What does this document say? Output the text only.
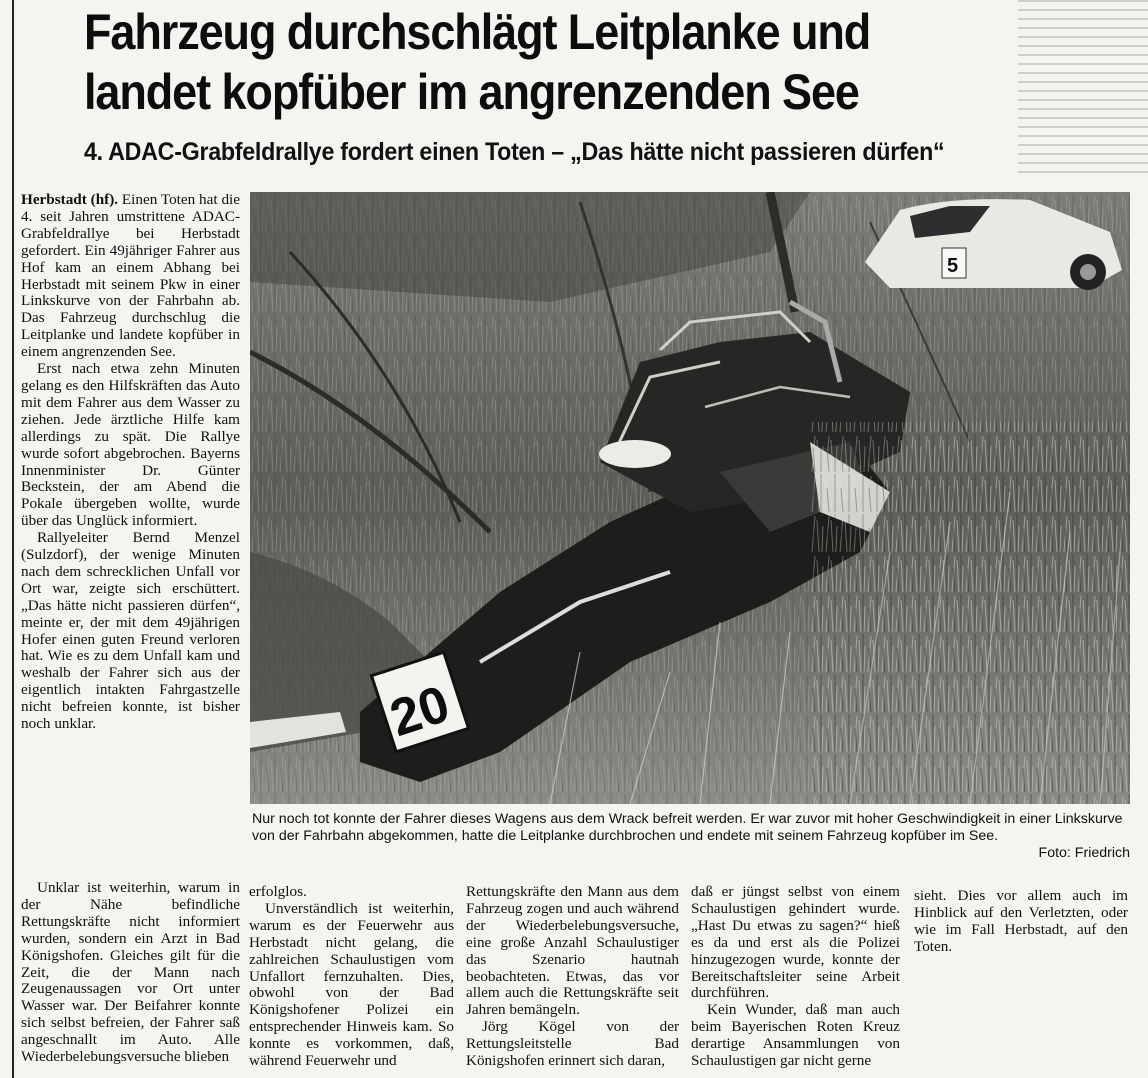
Fahrzeug durchschlägt Leitplanke und landet kopfüber im angrenzenden See
4. ADAC-Grabfeldrallye fordert einen Toten – „Das hätte nicht passieren dürfen“

Herbstadt (hf). Einen Toten hat die 4. seit Jahren umstrittene ADAC-Grabfeldrallye bei Herbstadt gefordert. Ein 49jähriger Fahrer aus Hof kam an einem Abhang bei Herbstadt mit seinem Pkw in einer Linkskurve von der Fahrbahn ab. Das Fahrzeug durchschlug die Leitplanke und landete kopfüber in einem angrenzenden See.

Erst nach etwa zehn Minuten gelang es den Hilfskräften das Auto mit dem Fahrer aus dem Wasser zu ziehen. Jede ärztliche Hilfe kam allerdings zu spät. Die Rallye wurde sofort abgebrochen. Bayerns Innenminister Dr. Günter Beckstein, der am Abend die Pokale übergeben wollte, wurde über das Unglück informiert.

Rallyeleiter Bernd Menzel (Sulzdorf), der wenige Minuten nach dem schrecklichen Unfall vor Ort war, zeigte sich erschüttert. „Das hätte nicht passieren dürfen“, meinte er, der mit dem 49jährigen Hofer einen guten Freund verloren hat. Wie es zu dem Unfall kam und weshalb der Fahrer sich aus der eigentlich intakten Fahrgastzelle nicht befreien konnte, ist bisher noch unklar.

Unklar ist weiterhin, warum in der Nähe befindliche Rettungskräfte nicht informiert wurden, sondern ein Arzt in Bad Königshofen. Gleiches gilt für die Zeit, die der Mann nach Zeugenaussagen vor Ort unter Wasser war. Der Beifahrer konnte sich selbst befreien, der Fahrer saß angeschnallt im Auto. Alle Wiederbelebungsversuche blieben

erfolglos.

Unverständlich ist weiterhin, warum es der Feuerwehr aus Herbstadt nicht gelang, die zahlreichen Schaulustigen vom Unfallort fernzuhalten. Dies, obwohl von der Bad Königshofener Polizei ein entsprechender Hinweis kam. So konnte es vorkommen, daß, während Feuerwehr und

Rettungskräfte den Mann aus dem Fahrzeug zogen und auch während der Wiederbelebungsversuche, eine große Anzahl Schaulustiger das Szenario hautnah beobachteten. Etwas, das vor allem auch die Rettungskräfte seit Jahren bemängeln.

Jörg Kögel von der Rettungsleitstelle Bad Königshofen erinnert sich daran,

daß er jüngst selbst von einem Schaulustigen gehindert wurde. „Hast Du etwas zu sagen?“ hieß es da und erst als die Polizei hinzugezogen wurde, konnte der Bereitschaftsleiter seine Arbeit durchführen.

Kein Wunder, daß man auch beim Bayerischen Roten Kreuz derartige Ansammlungen von Schaulustigen gar nicht gerne

sieht. Dies vor allem auch im Hinblick auf den Verletzten, oder wie im Fall Herbstadt, auf den Toten.

5
20

Nur noch tot konnte der Fahrer dieses Wagens aus dem Wrack befreit werden. Er war zuvor mit hoher Geschwindigkeit in einer Linkskurve von der Fahrbahn abgekommen, hatte die Leitplanke durchbrochen und endete mit seinem Fahrzeug kopfüber im See.

Foto: Friedrich
